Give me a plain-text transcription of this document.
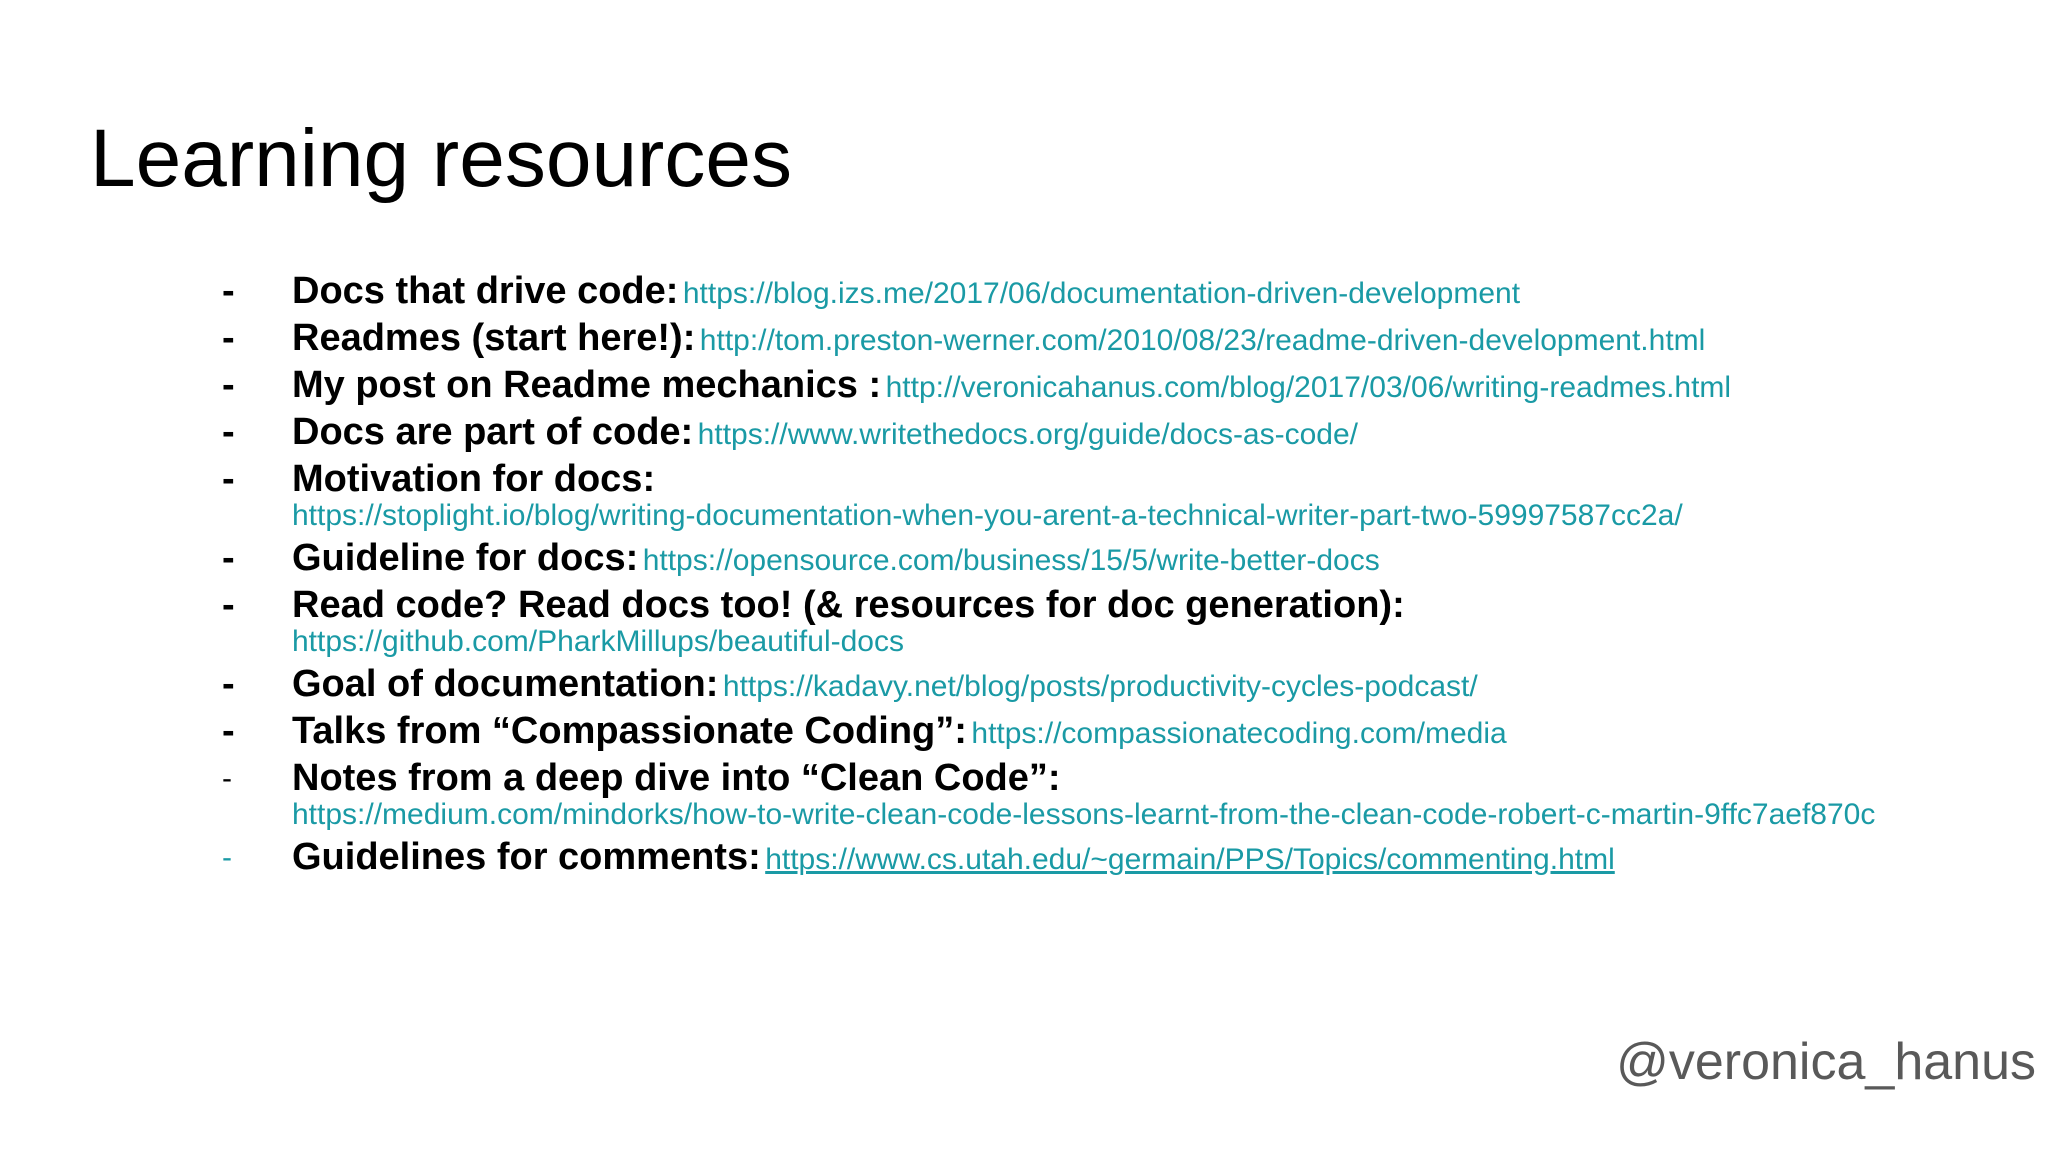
Learning resources
- Docs that drive code: https://blog.izs.me/2017/06/documentation-driven-development
- Readmes (start here!): http://tom.preston-werner.com/2010/08/23/readme-driven-development.html
- My post on Readme mechanics : http://veronicahanus.com/blog/2017/03/06/writing-readmes.html
- Docs are part of code: https://www.writethedocs.org/guide/docs-as-code/
- Motivation for docs:
https://stoplight.io/blog/writing-documentation-when-you-arent-a-technical-writer-part-two-59997587cc2a/
- Guideline for docs: https://opensource.com/business/15/5/write-better-docs
- Read code? Read docs too! (& resources for doc generation):
https://github.com/PharkMillups/beautiful-docs
- Goal of documentation: https://kadavy.net/blog/posts/productivity-cycles-podcast/
- Talks from “Compassionate Coding”: https://compassionatecoding.com/media
- Notes from a deep dive into “Clean Code”:
https://medium.com/mindorks/how-to-write-clean-code-lessons-learnt-from-the-clean-code-robert-c-martin-9ffc7aef870c
- Guidelines for comments: https://www.cs.utah.edu/~germain/PPS/Topics/commenting.html
@veronica_hanus
